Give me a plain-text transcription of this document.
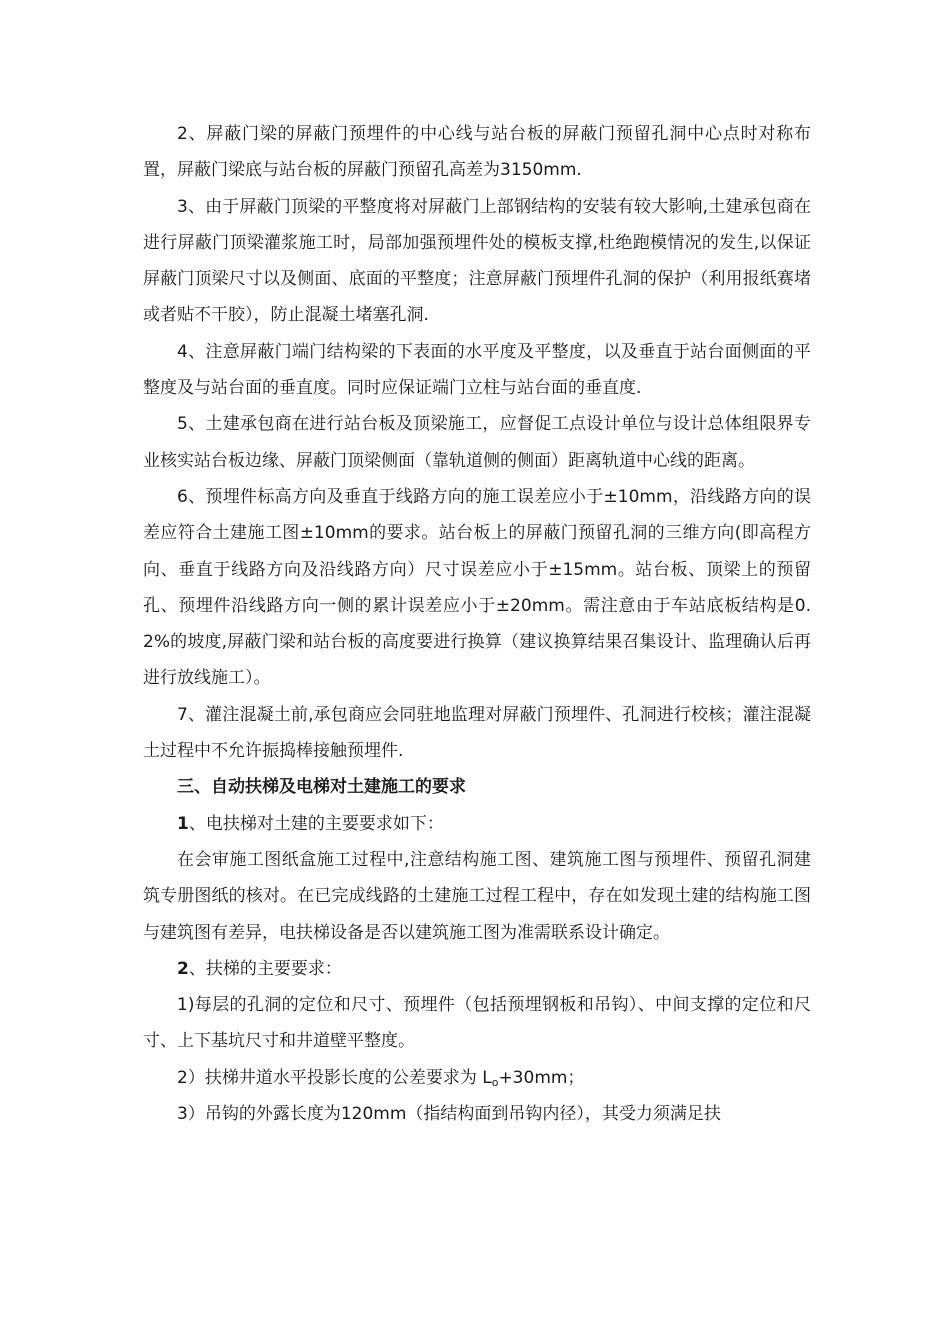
2、屏蔽门梁的屏蔽门预埋件的中心线与站台板的屏蔽门预留孔洞中心点时对称布置，屏蔽门梁底与站台板的屏蔽门预留孔高差为3150mm.

3、由于屏蔽门顶梁的平整度将对屏蔽门上部钢结构的安装有较大影响,土建承包商在进行屏蔽门顶梁灌浆施工时，局部加强预埋件处的模板支撑,杜绝跑模情况的发生,以保证屏蔽门顶梁尺寸以及侧面、底面的平整度；注意屏蔽门预埋件孔洞的保护（利用报纸赛堵或者贴不干胶），防止混凝土堵塞孔洞.

4、注意屏蔽门端门结构梁的下表面的水平度及平整度，以及垂直于站台面侧面的平整度及与站台面的垂直度。同时应保证端门立柱与站台面的垂直度.

5、土建承包商在进行站台板及顶梁施工，应督促工点设计单位与设计总体组限界专业核实站台板边缘、屏蔽门顶梁侧面（靠轨道侧的侧面）距离轨道中心线的距离。

6、预埋件标高方向及垂直于线路方向的施工误差应小于±10mm，沿线路方向的误差应符合土建施工图±10mm的要求。站台板上的屏蔽门预留孔洞的三维方向(即高程方向、垂直于线路方向及沿线路方向）尺寸误差应小于±15mm。站台板、顶梁上的预留孔、预埋件沿线路方向一侧的累计误差应小于±20mm。需注意由于车站底板结构是0.2%的坡度,屏蔽门梁和站台板的高度要进行换算（建议换算结果召集设计、监理确认后再进行放线施工）。

7、灌注混凝土前,承包商应会同驻地监理对屏蔽门预埋件、孔洞进行校核；灌注混凝土过程中不允许振捣棒接触预埋件.

三、自动扶梯及电梯对土建施工的要求

1、电扶梯对土建的主要要求如下：

在会审施工图纸盒施工过程中,注意结构施工图、建筑施工图与预埋件、预留孔洞建筑专册图纸的核对。在已完成线路的土建施工过程工程中，存在如发现土建的结构施工图与建筑图有差异，电扶梯设备是否以建筑施工图为准需联系设计确定。

2、扶梯的主要要求：

1)每层的孔洞的定位和尺寸、预埋件（包括预埋钢板和吊钩）、中间支撑的定位和尺寸、上下基坑尺寸和井道壁平整度。

2）扶梯井道水平投影长度的公差要求为 $L_o+30mm$；

3）吊钩的外露长度为120mm（指结构面到吊钩内径），其受力须满足扶
